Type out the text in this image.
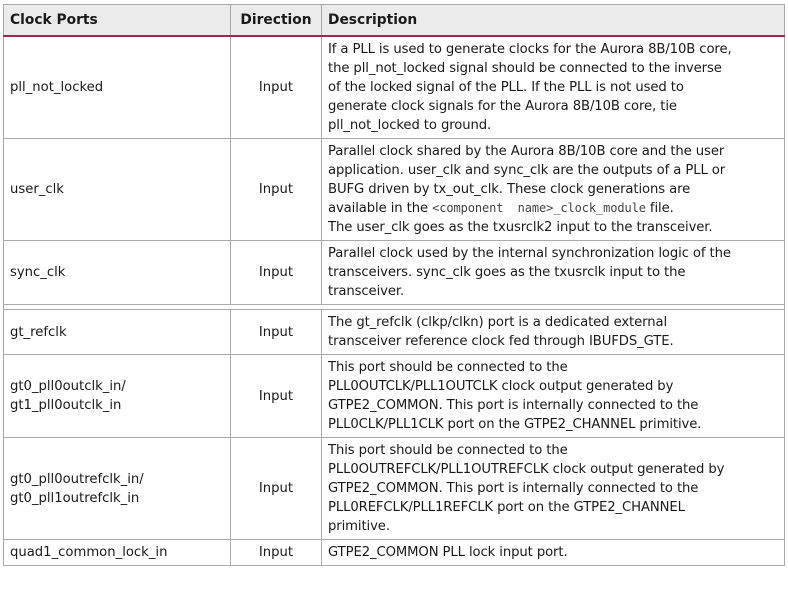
Clock Ports	Direction	Description

pll_not_locked	Input	If a PLL is used to generate clocks for the Aurora 8B/10B core,
the pll_not_locked signal should be connected to the inverse
of the locked signal of the PLL. If the PLL is not used to
generate clock signals for the Aurora 8B/10B core, tie
pll_not_locked to ground.

user_clk	Input	Parallel clock shared by the Aurora 8B/10B core and the user
application. user_clk and sync_clk are the outputs of a PLL or
BUFG driven by tx_out_clk. These clock generations are
available in the <component  name>_clock_module file.
The user_clk goes as the txusrclk2 input to the transceiver.

sync_clk	Input	Parallel clock used by the internal synchronization logic of the
transceivers. sync_clk goes as the txusrclk input to the
transceiver.

gt_refclk	Input	The gt_refclk (clkp/clkn) port is a dedicated external
transceiver reference clock fed through IBUFDS_GTE.

gt0_pll0outclk_in/
gt1_pll0outclk_in	Input	This port should be connected to the
PLL0OUTCLK/PLL1OUTCLK clock output generated by
GTPE2_COMMON. This port is internally connected to the
PLL0CLK/PLL1CLK port on the GTPE2_CHANNEL primitive.

gt0_pll0outrefclk_in/
gt0_pll1outrefclk_in	Input	This port should be connected to the
PLL0OUTREFCLK/PLL1OUTREFCLK clock output generated by
GTPE2_COMMON. This port is internally connected to the
PLL0REFCLK/PLL1REFCLK port on the GTPE2_CHANNEL
primitive.

quad1_common_lock_in	Input	GTPE2_COMMON PLL lock input port.
